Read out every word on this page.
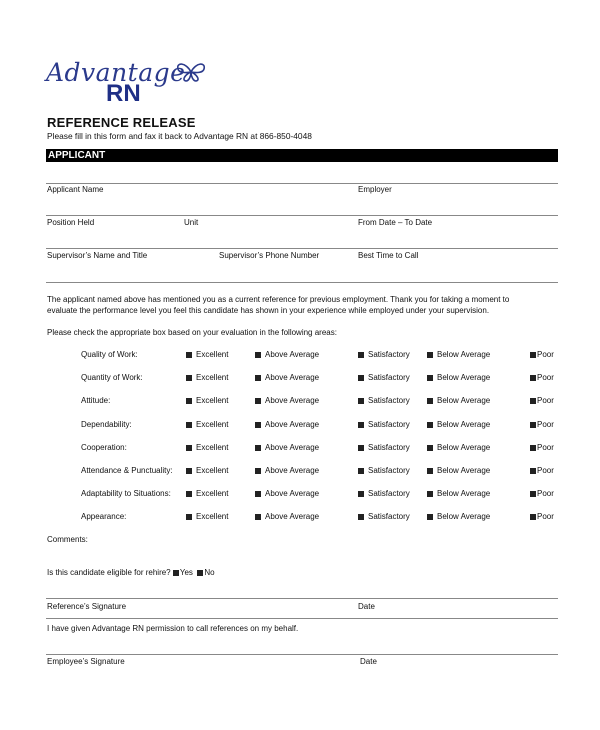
Advantage
RN
REFERENCE RELEASE
Please fill in this form and fax it back to Advantage RN at 866-850-4048
APPLICANT
Applicant Name	Employer
Position Held	Unit	From Date – To Date
Supervisor’s Name and Title	Supervisor’s Phone Number	Best Time to Call
The applicant named above has mentioned you as a current reference for previous employment. Thank you for taking a moment to
evaluate the performance level you feel this candidate has shown in your experience while employed under your supervision.
Please check the appropriate box based on your evaluation in the following areas:
Quality of Work:	Excellent	Above Average	Satisfactory	Below Average	Poor
Quantity of Work:	Excellent	Above Average	Satisfactory	Below Average	Poor
Attitude:	Excellent	Above Average	Satisfactory	Below Average	Poor
Dependability:	Excellent	Above Average	Satisfactory	Below Average	Poor
Cooperation:	Excellent	Above Average	Satisfactory	Below Average	Poor
Attendance & Punctuality:	Excellent	Above Average	Satisfactory	Below Average	Poor
Adaptability to Situations:	Excellent	Above Average	Satisfactory	Below Average	Poor
Appearance:	Excellent	Above Average	Satisfactory	Below Average	Poor
Comments:
Is this candidate eligible for rehire? Yes No
Reference’s Signature	Date
I have given Advantage RN permission to call references on my behalf.
Employee’s Signature	Date
